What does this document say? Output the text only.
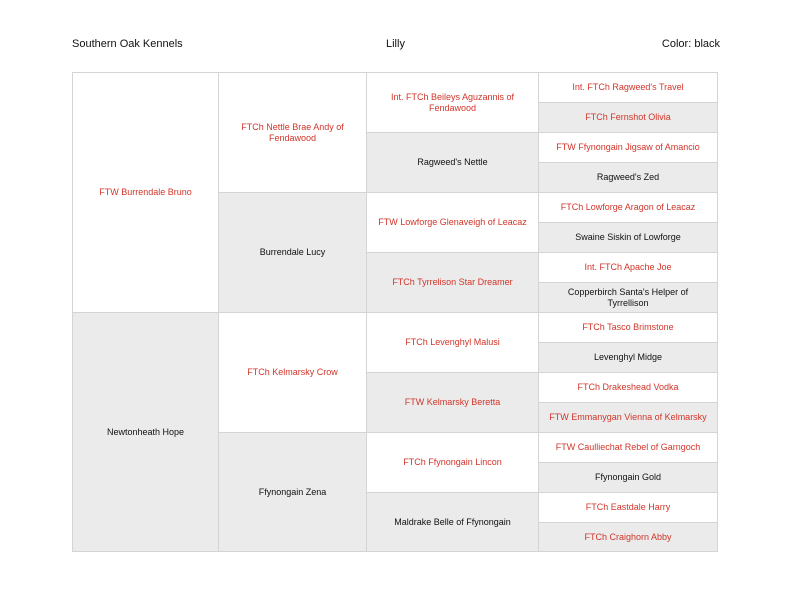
Southern Oak Kennels	Lilly	Color: black
FTW Burrendale Bruno
Newtonheath Hope
FTCh Nettle Brae Andy of Fendawood
Burrendale Lucy
FTCh Kelmarsky Crow
Ffynongain Zena
Int. FTCh Beileys Aguzannis of Fendawood
Ragweed's Nettle
FTW Lowforge Glenaveigh of Leacaz
FTCh Tyrrelison Star Dreamer
FTCh Levenghyl Malusi
FTW Kelmarsky Beretta
FTCh Ffynongain Lincon
Maldrake Belle of Ffynongain
Int. FTCh Ragweed's Travel
FTCh Fernshot Olivia
FTW Ffynongain Jigsaw of Amancio
Ragweed's Zed
FTCh Lowforge Aragon of Leacaz
Swaine Siskin of Lowforge
Int. FTCh Apache Joe
Copperbirch Santa's Helper of Tyrrellison
FTCh Tasco Brimstone
Levenghyl Midge
FTCh Drakeshead Vodka
FTW Emmanygan Vienna of Kelmarsky
FTW Caulliechat Rebel of Garngoch
Ffynongain Gold
FTCh Eastdale Harry
FTCh Craighorn Abby
